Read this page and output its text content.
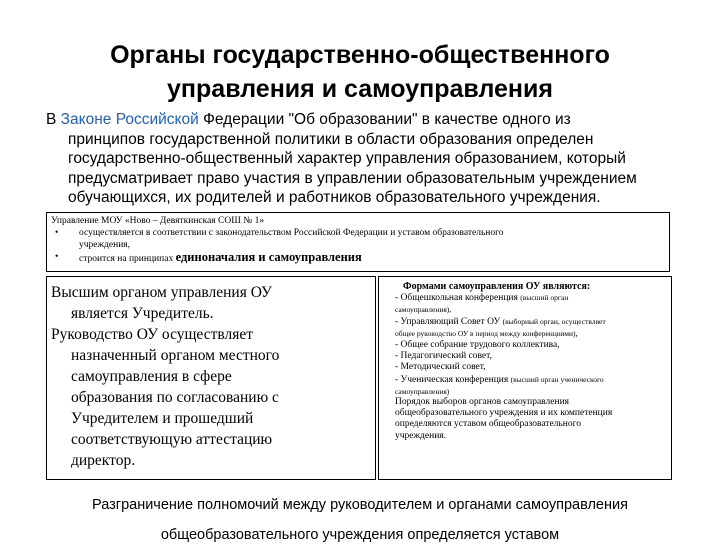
Органы государственно-общественного
управления и самоуправления
В Законе Российской Федерации "Об образовании" в качестве одного из
принципов государственной политики в области образования определен
государственно-общественный характер управления образованием, который
предусматривает право участия в управлении образовательным учреждением
обучающихся, их родителей и работников образовательного учреждения.
Управление МОУ «Ново – Девяткинская СОШ № 1»
• осуществляется в соответствии с законодательством Российской Федерации и уставом образовательного
учреждения,
• строится на принципах единоначалия и самоуправления
Высшим органом управления ОУ
является Учредитель.
Руководство ОУ осуществляет
назначенный органом местного
самоуправления в сфере
образования по согласованию с
Учредителем и прошедший
соответствующую аттестацию
директор.
Формами самоуправления ОУ являются:
- Общешкольная конференция (высший орган
самоуправления),
- Управляющий Совет ОУ (выборный орган, осуществляет
общее руководство ОУ в период между конференциями),
- Общее собрание трудового коллектива,
- Педагогический совет,
- Методический совет,
- Ученическая конференция (высший орган ученического
самоуправления)
Порядок выборов органов самоуправления
общеобразовательного учреждения и их компетенция
определяются уставом общеобразовательного
учреждения.
Разграничение полномочий между руководителем и органами самоуправления
общеобразовательного учреждения определяется уставом
